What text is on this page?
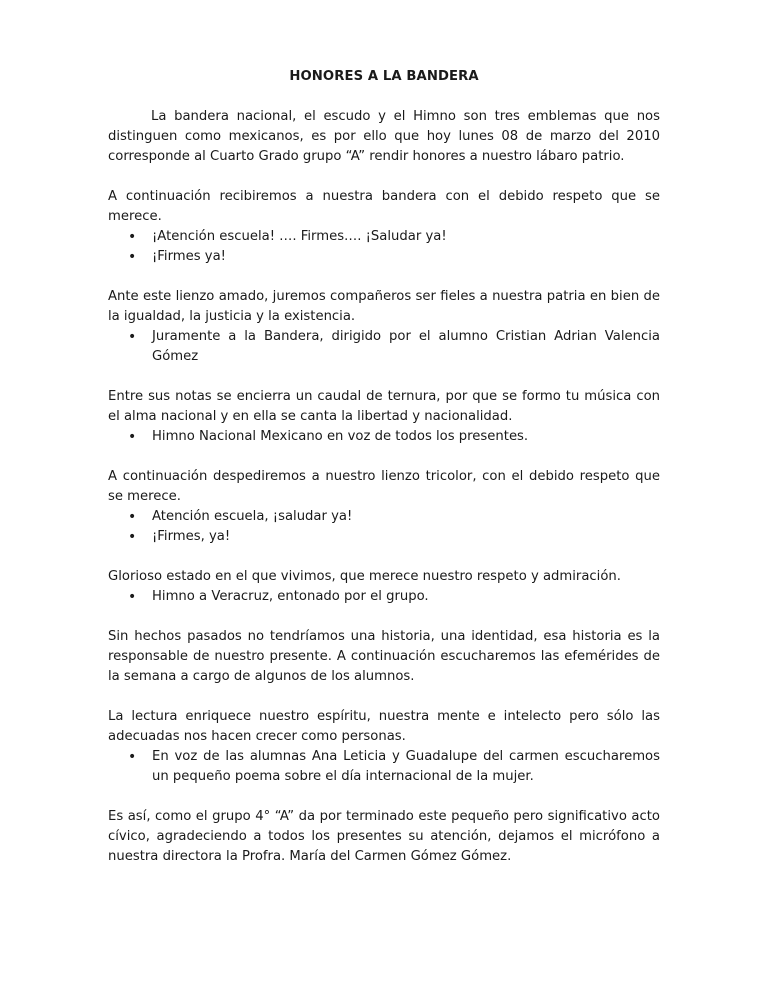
HONORES A LA BANDERA

La bandera nacional, el escudo y el Himno son tres emblemas que nos distinguen como mexicanos, es por ello que hoy lunes 08 de marzo del 2010 corresponde al Cuarto Grado grupo “A” rendir honores a nuestro lábaro patrio.

A continuación recibiremos a nuestra bandera con el debido respeto que se merece.

• ¡Atención escuela! …. Firmes…. ¡Saludar ya!
• ¡Firmes ya!

Ante este lienzo amado, juremos compañeros ser fieles a nuestra patria en bien de la igualdad, la justicia y la existencia.

• Juramente a la Bandera, dirigido por el alumno Cristian Adrian Valencia Gómez

Entre sus notas se encierra un caudal de ternura, por que se formo tu música con el alma nacional y en ella se canta la libertad y nacionalidad.

• Himno Nacional Mexicano en voz de todos los presentes.

A continuación despediremos a nuestro lienzo tricolor, con el debido respeto que se merece.

• Atención escuela, ¡saludar ya!
• ¡Firmes, ya!

Glorioso estado en el que vivimos, que merece nuestro respeto y admiración.

• Himno a Veracruz, entonado por el grupo.

Sin hechos pasados no tendríamos una historia, una identidad, esa historia es la responsable de nuestro presente. A continuación escucharemos las efemérides de la semana a cargo de algunos de los alumnos.

La lectura enriquece nuestro espíritu, nuestra mente e intelecto pero sólo las adecuadas nos hacen crecer como personas.

• En voz de las alumnas Ana Leticia y Guadalupe del carmen escucharemos un pequeño poema sobre el día internacional de la mujer.

Es así, como el grupo 4° “A” da por terminado este pequeño pero significativo acto cívico, agradeciendo a todos los presentes su atención, dejamos el micrófono a nuestra directora la Profra. María del Carmen Gómez Gómez.
